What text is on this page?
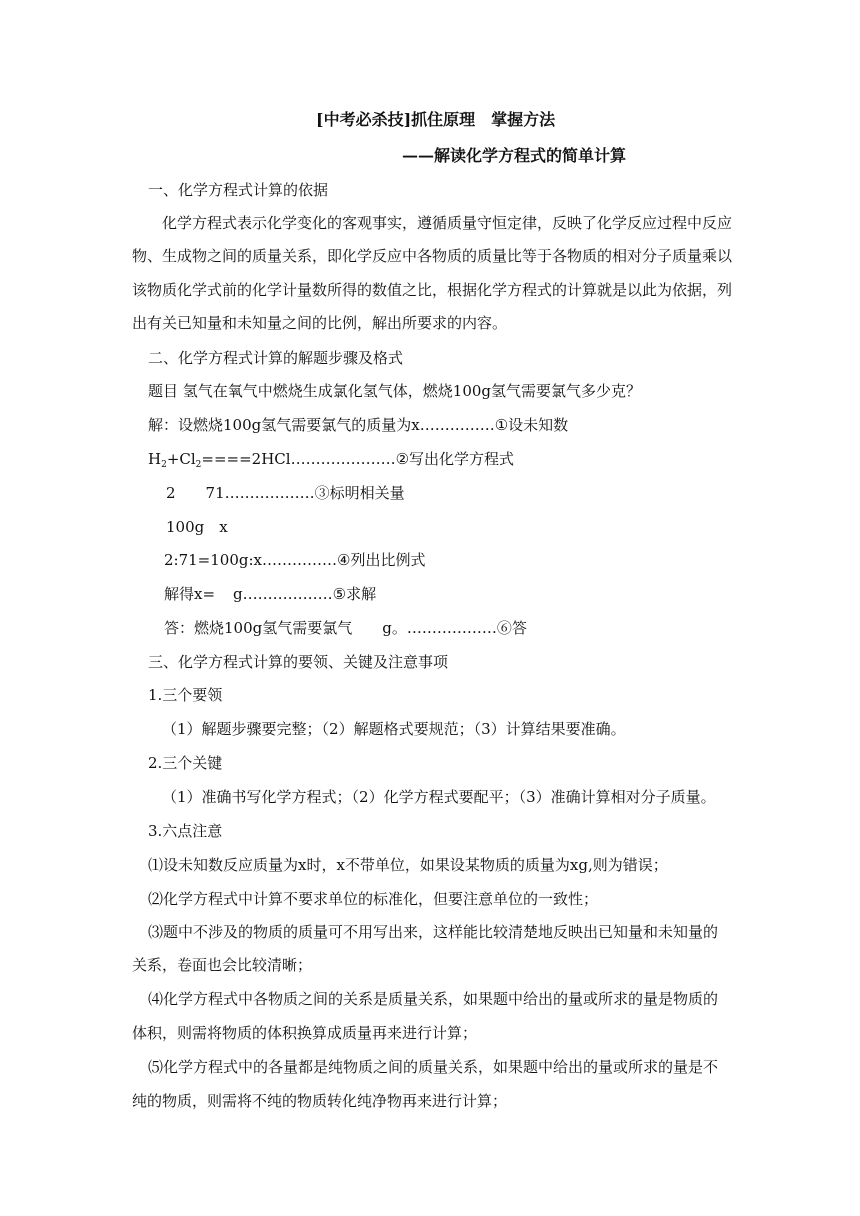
[中考必杀技]抓住原理　掌握方法
——解读化学方程式的简单计算
一、化学方程式计算的依据
化学方程式表示化学变化的客观事实，遵循质量守恒定律，反映了化学反应过程中反应
物、生成物之间的质量关系，即化学反应中各物质的质量比等于各物质的相对分子质量乘以
该物质化学式前的化学计量数所得的数值之比，根据化学方程式的计算就是以此为依据，列
出有关已知量和未知量之间的比例，解出所要求的内容。
二、化学方程式计算的解题步骤及格式
题目 氢气在氧气中燃烧生成氯化氢气体，燃烧100g氢气需要氯气多少克？
解：设燃烧100g氢气需要氯气的质量为x……………①设未知数
$H_2+Cl_2====2HCl\dots\dots\dots\dots\dots\dots\dots ②$写出化学方程式
2　　71………………③标明相关量
100g　x
2:71=100g:x……………④列出比例式
解得x= g………………⑤求解
答：燃烧100g氢气需要氯气 g。………………⑥答
三、化学方程式计算的要领、关键及注意事项
1.三个要领
（1）解题步骤要完整；（2）解题格式要规范；（3）计算结果要准确。
2.三个关键
（1）准确书写化学方程式；（2）化学方程式要配平；（3）准确计算相对分子质量。
3.六点注意
⑴设未知数反应质量为x时，x不带单位，如果设某物质的质量为xg,则为错误；
⑵化学方程式中计算不要求单位的标准化，但要注意单位的一致性；
⑶题中不涉及的物质的质量可不用写出来，这样能比较清楚地反映出已知量和未知量的
关系，卷面也会比较清晰；
⑷化学方程式中各物质之间的关系是质量关系，如果题中给出的量或所求的量是物质的
体积，则需将物质的体积换算成质量再来进行计算；
⑸化学方程式中的各量都是纯物质之间的质量关系，如果题中给出的量或所求的量是不
纯的物质，则需将不纯的物质转化纯净物再来进行计算；
